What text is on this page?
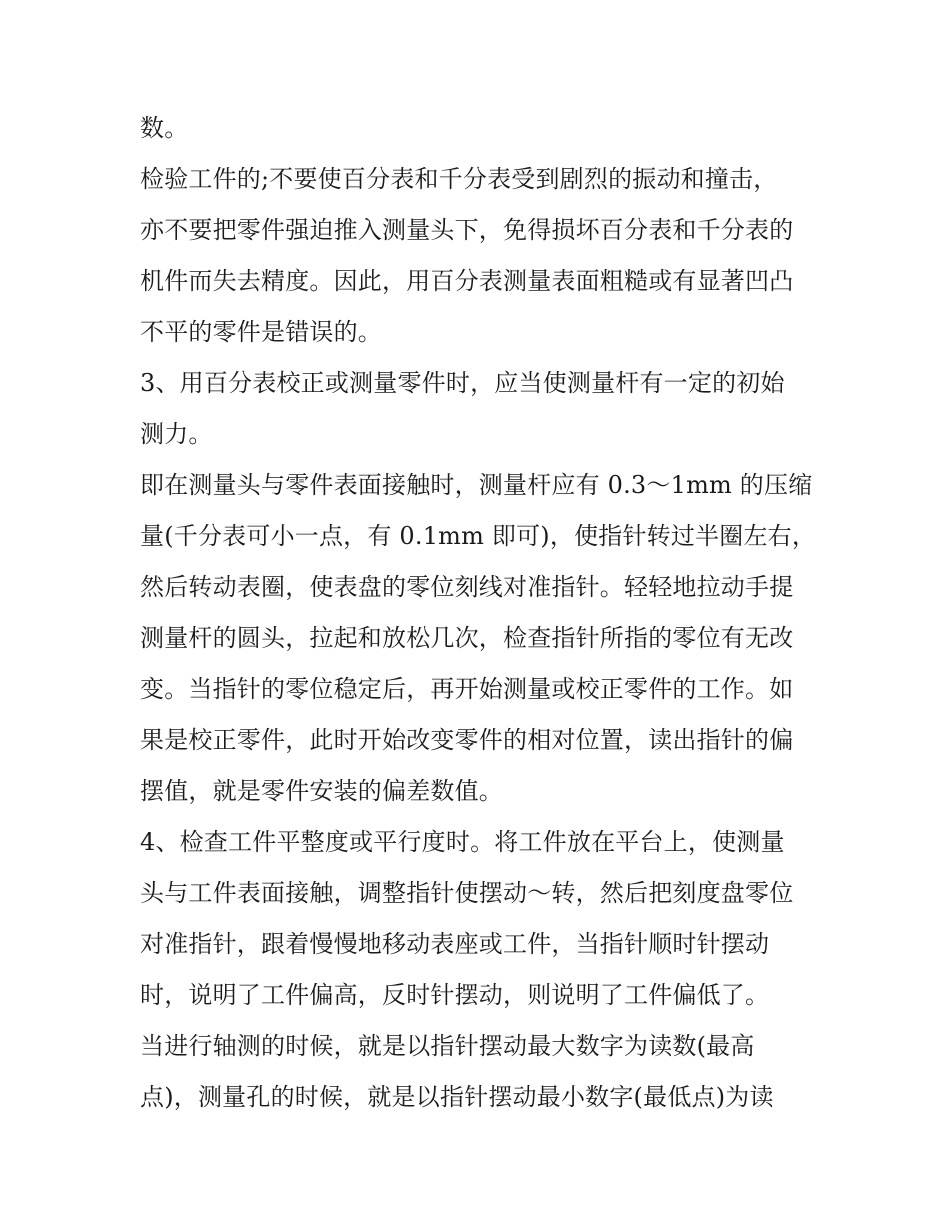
数。
检验工件的;不要使百分表和千分表受到剧烈的振动和撞击，
亦不要把零件强迫推入测量头下，免得损坏百分表和千分表的
机件而失去精度。因此，用百分表测量表面粗糙或有显著凹凸
不平的零件是错误的。
3、用百分表校正或测量零件时，应当使测量杆有一定的初始
测力。
即在测量头与零件表面接触时，测量杆应有 0.3～1mm 的压缩
量(千分表可小一点，有 0.1mm 即可)，使指针转过半圈左右，
然后转动表圈，使表盘的零位刻线对准指针。轻轻地拉动手提
测量杆的圆头，拉起和放松几次，检查指针所指的零位有无改
变。当指针的零位稳定后，再开始测量或校正零件的工作。如
果是校正零件，此时开始改变零件的相对位置，读出指针的偏
摆值，就是零件安装的偏差数值。
4、检查工件平整度或平行度时。将工件放在平台上，使测量
头与工件表面接触，调整指针使摆动～转，然后把刻度盘零位
对准指针，跟着慢慢地移动表座或工件，当指针顺时针摆动
时，说明了工件偏高，反时针摆动，则说明了工件偏低了。
当进行轴测的时候，就是以指针摆动最大数字为读数(最高
点)，测量孔的时候，就是以指针摆动最小数字(最低点)为读
